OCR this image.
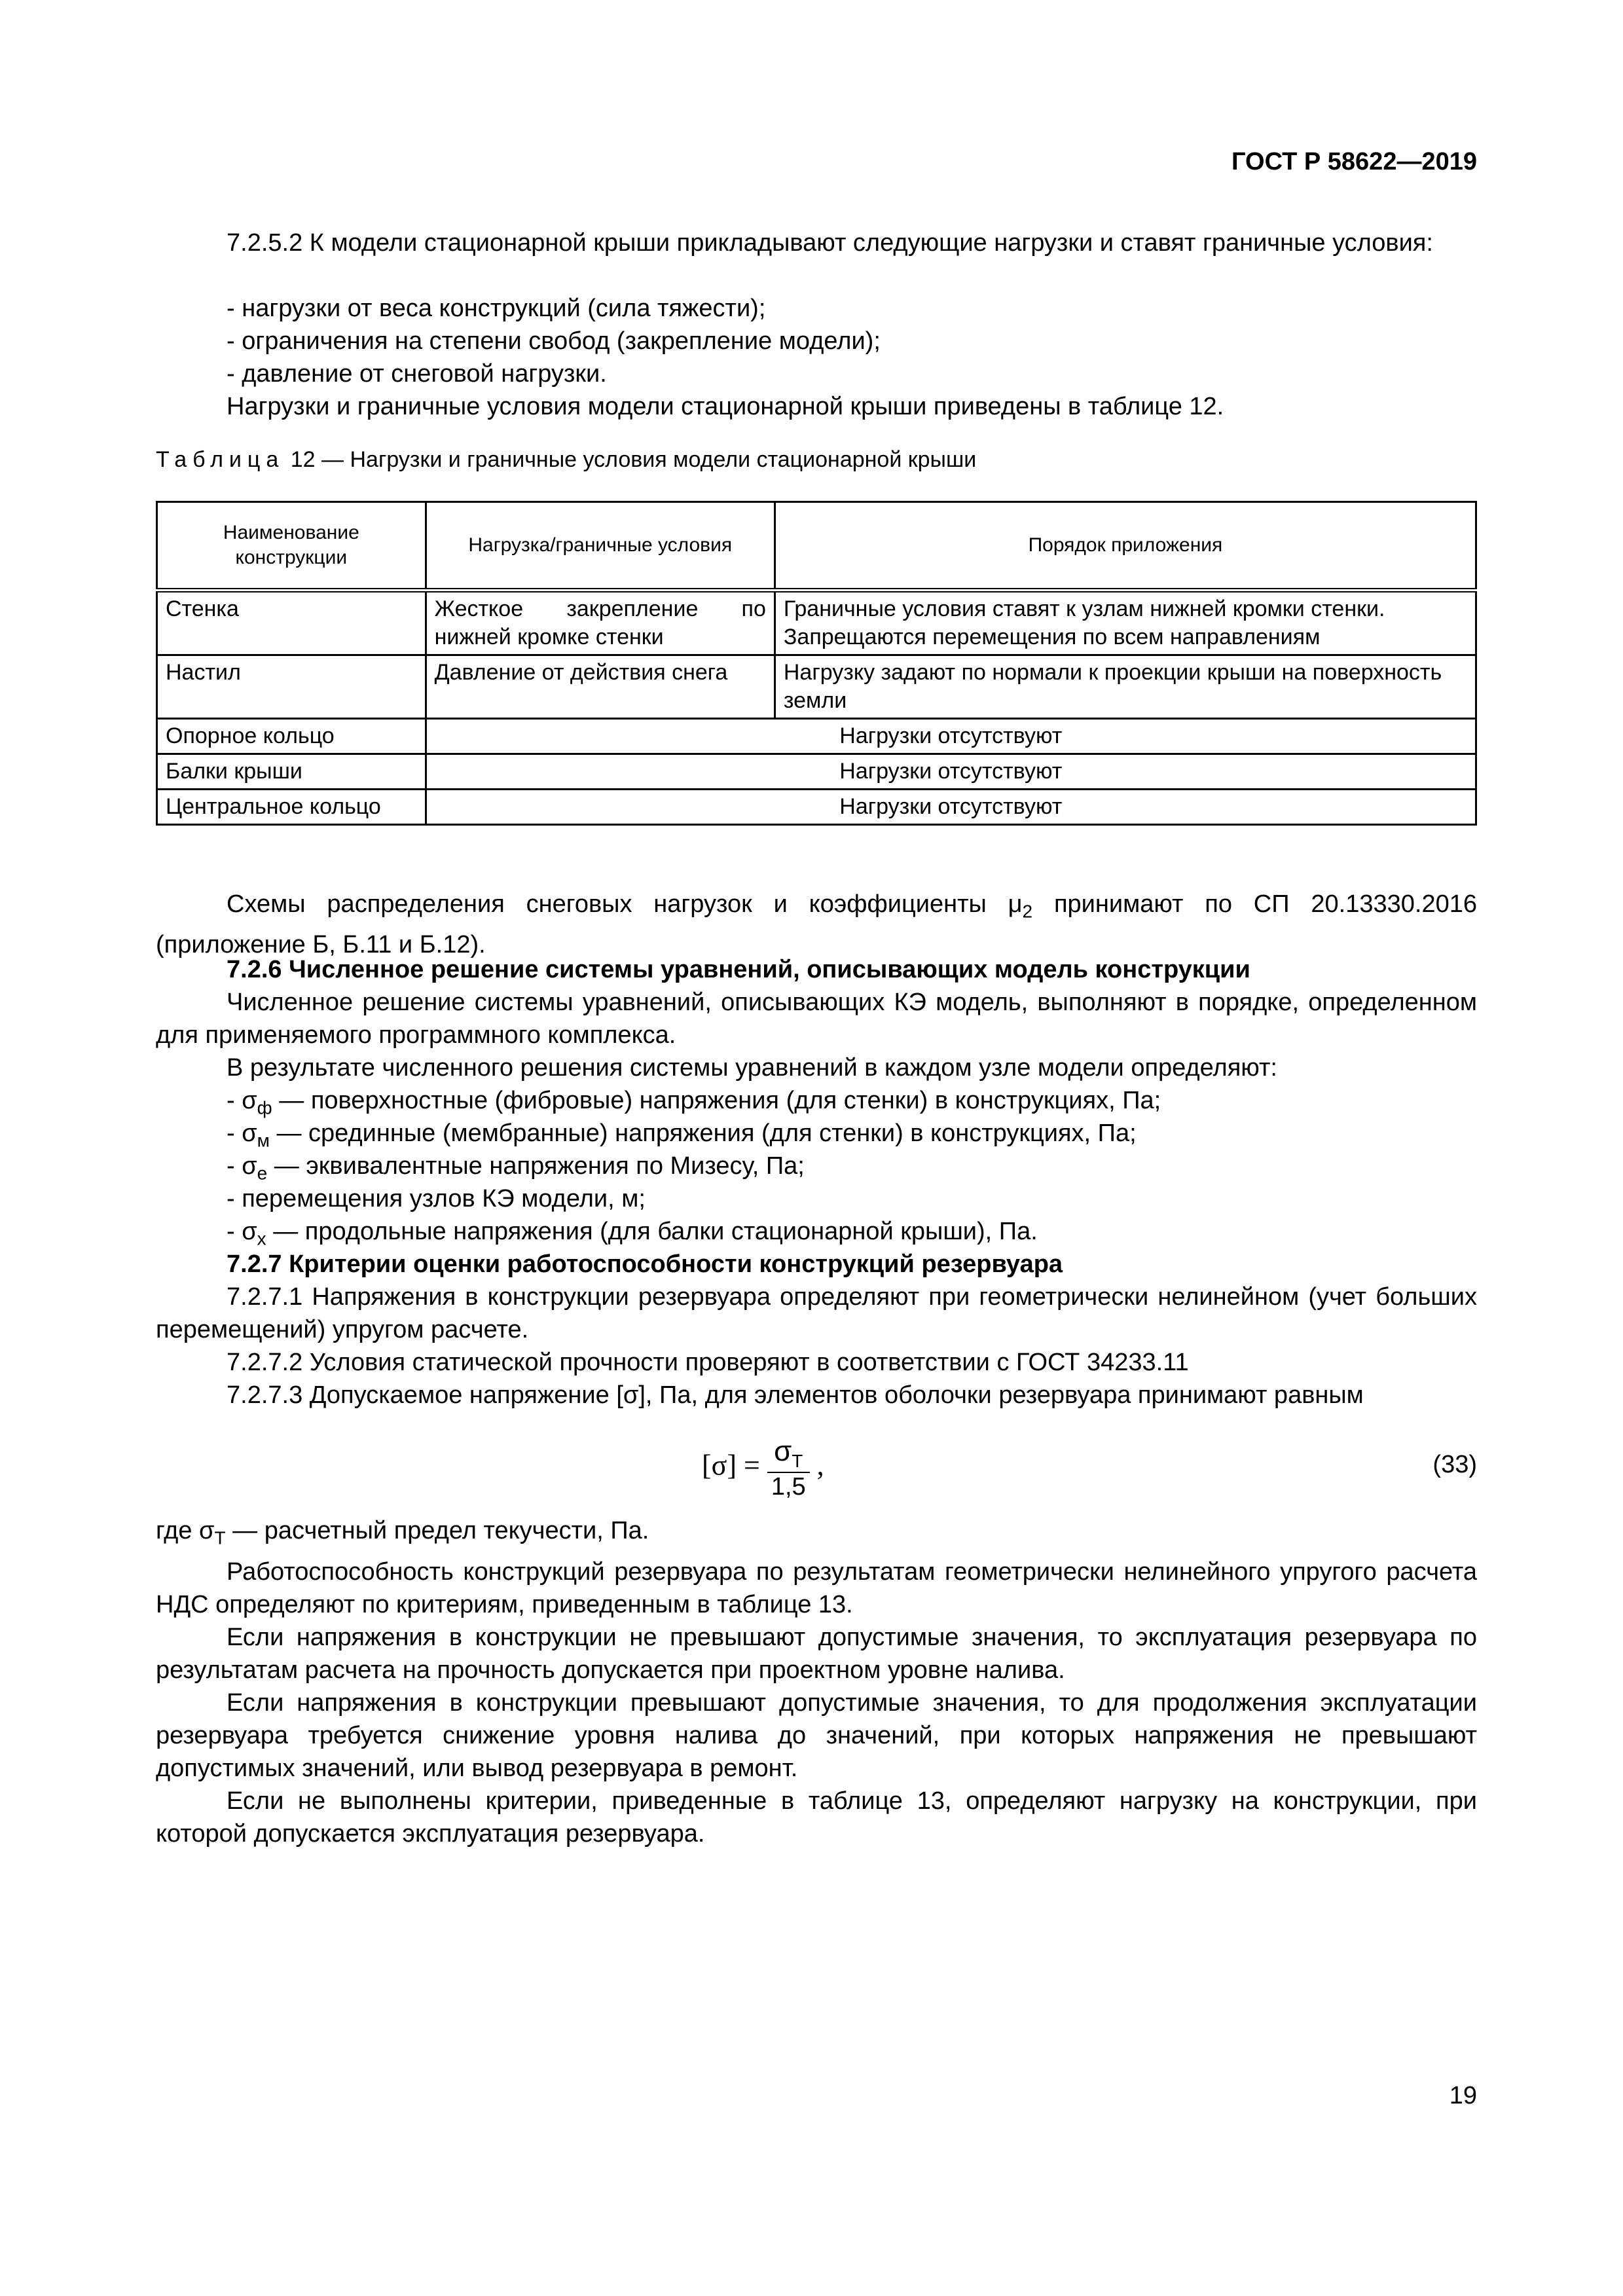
ГОСТ Р 58622—2019

7.2.5.2 К модели стационарной крыши прикладывают следующие нагрузки и ставят граничные условия:

- нагрузки от веса конструкций (сила тяжести);

- ограничения на степени свобод (закрепление модели);

- давление от снеговой нагрузки.

Нагрузки и граничные условия модели стационарной крыши приведены в таблице 12.

Таблица 12 — Нагрузки и граничные условия модели стационарной крыши
Наименование конструкции	Нагрузка/граничные условия	Порядок приложения
Стенка	Жесткое закрепление по нижней кромке стенки	Граничные условия ставят к узлам нижней кромки стенки. Запрещаются перемещения по всем направлениям
Настил	Давление от действия снега	Нагрузку задают по нормали к проекции крыши на поверхность земли
Опорное кольцо	Нагрузки отсутствуют	
Балки крыши	Нагрузки отсутствуют	
Центральное кольцо	Нагрузки отсутствуют	

Схемы распределения снеговых нагрузок и коэффициенты $\mu_2$ принимают по СП 20.13330.2016 (приложение Б, Б.11 и Б.12).

7.2.6 Численное решение системы уравнений, описывающих модель конструкции

Численное решение системы уравнений, описывающих КЭ модель, выполняют в порядке, определенном для применяемого программного комплекса.

В результате численного решения системы уравнений в каждом узле модели определяют:

- $\sigma_ф$ — поверхностные (фибровые) напряжения (для стенки) в конструкциях, Па;

- $\sigma_м$ — срединные (мембранные) напряжения (для стенки) в конструкциях, Па;

- $\sigma_е$ — эквивалентные напряжения по Мизесу, Па;

- перемещения узлов КЭ модели, м;

- $\sigma_x$ — продольные напряжения (для балки стационарной крыши), Па.

7.2.7 Критерии оценки работоспособности конструкций резервуара

7.2.7.1 Напряжения в конструкции резервуара определяют при геометрически нелинейном (учет больших перемещений) упругом расчете.

7.2.7.2 Условия статической прочности проверяют в соответствии с ГОСТ 34233.11

7.2.7.3 Допускаемое напряжение [σ], Па, для элементов оболочки резервуара принимают равным

$[\sigma] = \frac{\sigma_Т}{1,5}$ ,	(33)

где $\sigma_Т$ — расчетный предел текучести, Па.

Работоспособность конструкций резервуара по результатам геометрически нелинейного упругого расчета НДС определяют по критериям, приведенным в таблице 13.

Если напряжения в конструкции не превышают допустимые значения, то эксплуатация резервуара по результатам расчета на прочность допускается при проектном уровне налива.

Если напряжения в конструкции превышают допустимые значения, то для продолжения эксплуатации резервуара требуется снижение уровня налива до значений, при которых напряжения не превышают допустимых значений, или вывод резервуара в ремонт.

Если не выполнены критерии, приведенные в таблице 13, определяют нагрузку на конструкции, при которой допускается эксплуатация резервуара.

19
